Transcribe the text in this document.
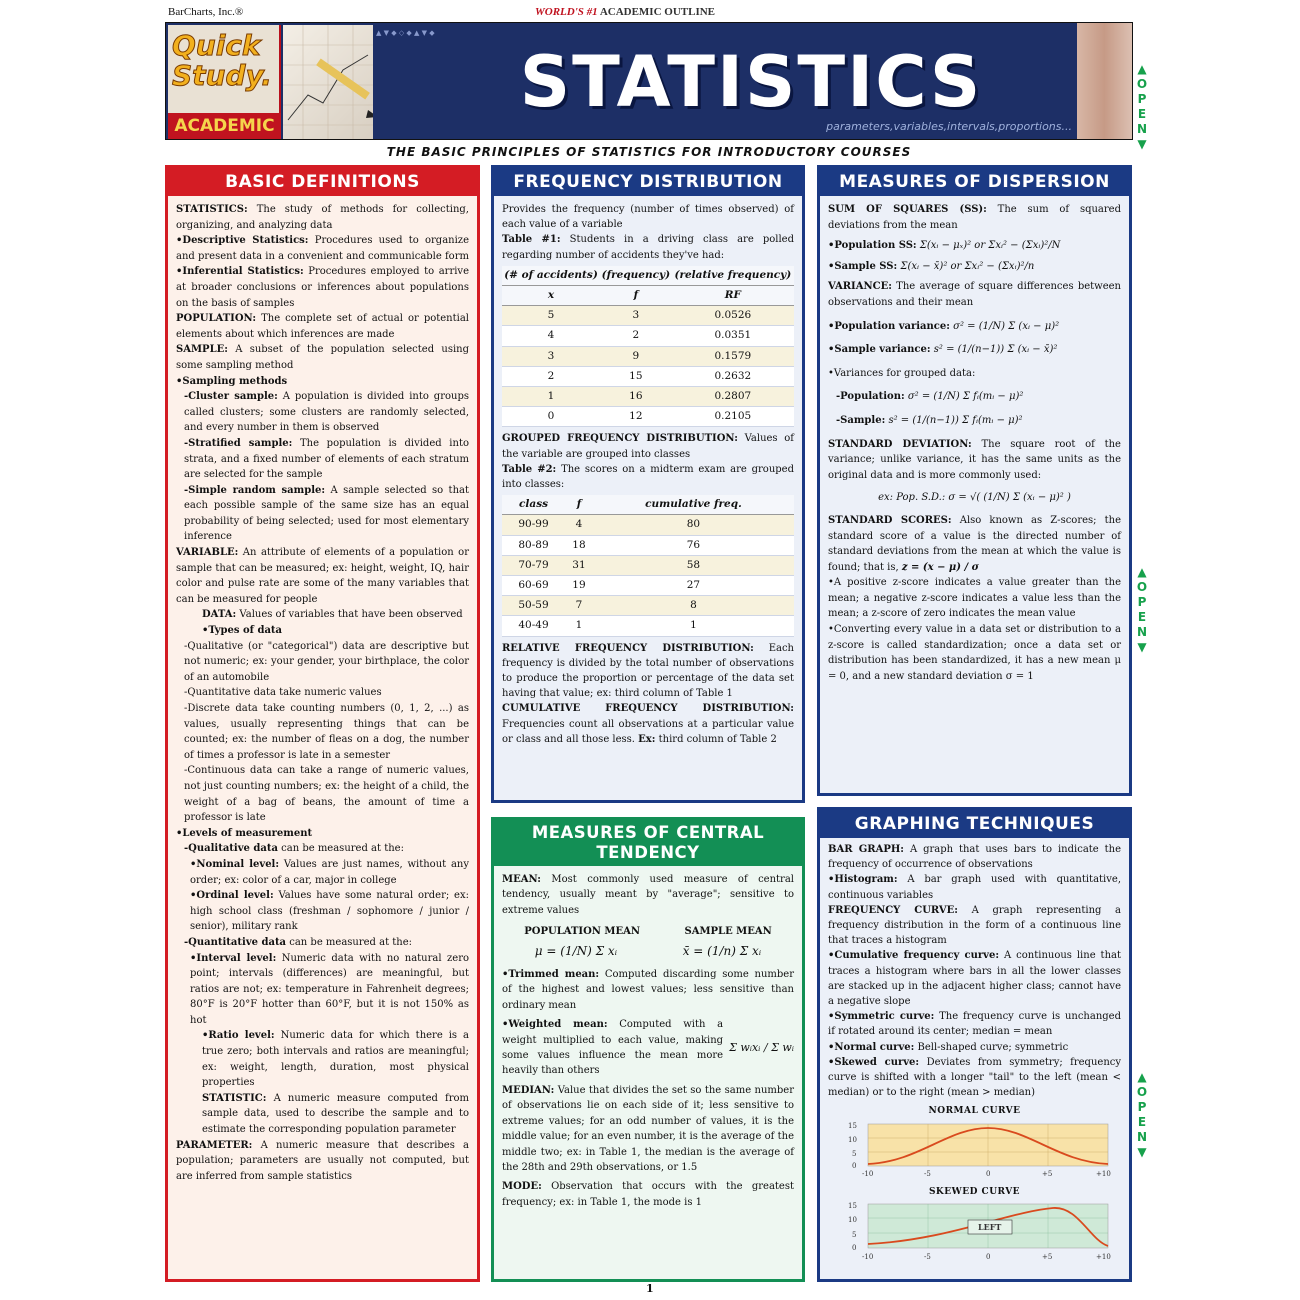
BarCharts, Inc.®	WORLD'S #1 ACADEMIC OUTLINE
Quick
Study.
ACADEMIC
▲ ▼ ◆ ◇ ◆ ▲ ▼ ◆
STATISTICS
parameters,variables,intervals,proportions...
THE BASIC PRINCIPLES OF STATISTICS FOR INTRODUCTORY COURSES
▲
O
P
E
N
▼
▲
O
P
E
N
▼
▲
O
P
E
N
▼
BASIC DEFINITIONS
STATISTICS: The study of methods for collecting, organizing, and analyzing data
•Descriptive Statistics: Procedures used to organize and present data in a convenient and communicable form
•Inferential Statistics: Procedures employed to arrive at broader conclusions or inferences about populations on the basis of samples
POPULATION: The complete set of actual or potential elements about which inferences are made
SAMPLE: A subset of the population selected using some sampling method
•Sampling methods
-Cluster sample: A population is divided into groups called clusters; some clusters are randomly selected, and every number in them is observed
-Stratified sample: The population is divided into strata, and a fixed number of elements of each stratum are selected for the sample
-Simple random sample: A sample selected so that each possible sample of the same size has an equal probability of being selected; used for most elementary inference
VARIABLE: An attribute of elements of a population or sample that can be measured; ex: height, weight, IQ, hair color and pulse rate are some of the many variables that can be measured for people
DATA: Values of variables that have been observed
•Types of data
-Qualitative (or "categorical") data are descriptive but not numeric; ex: your gender, your birthplace, the color of an automobile
-Quantitative data take numeric values
-Discrete data take counting numbers (0, 1, 2, ...) as values, usually representing things that can be counted; ex: the number of fleas on a dog, the number of times a professor is late in a semester
-Continuous data can take a range of numeric values, not just counting numbers; ex: the height of a child, the weight of a bag of beans, the amount of time a professor is late
•Levels of measurement
-Qualitative data can be measured at the:
•Nominal level: Values are just names, without any order; ex: color of a car, major in college
•Ordinal level: Values have some natural order; ex: high school class (freshman / sophomore / junior / senior), military rank
-Quantitative data can be measured at the:
•Interval level: Numeric data with no natural zero point; intervals (differences) are meaningful, but ratios are not; ex: temperature in Fahrenheit degrees; 80°F is 20°F hotter than 60°F, but it is not 150% as hot
•Ratio level: Numeric data for which there is a true zero; both intervals and ratios are meaningful; ex: weight, length, duration, most physical properties
STATISTIC: A numeric measure computed from sample data, used to describe the sample and to estimate the corresponding population parameter
PARAMETER: A numeric measure that describes a population; parameters are usually not computed, but are inferred from sample statistics
FREQUENCY DISTRIBUTION
Provides the frequency (number of times observed) of each value of a variable
Table #1: Students in a driving class are polled regarding number of accidents they've had:
(# of accidents)	(frequency)	(relative frequency)
x	f	RF
5	3	0.0526
4	2	0.0351
3	9	0.1579
2	15	0.2632
1	16	0.2807
0	12	0.2105
GROUPED FREQUENCY DISTRIBUTION: Values of the variable are grouped into classes
Table #2: The scores on a midterm exam are grouped into classes:
class	f	cumulative freq.
90-99	4	80
80-89	18	76
70-79	31	58
60-69	19	27
50-59	7	8
40-49	1	1
RELATIVE FREQUENCY DISTRIBUTION: Each frequency is divided by the total number of observations to produce the proportion or percentage of the data set having that value; ex: third column of Table 1
CUMULATIVE FREQUENCY DISTRIBUTION: Frequencies count all observations at a particular value or class and all those less. Ex: third column of Table 2
MEASURES OF CENTRAL
TENDENCY
MEAN: Most commonly used measure of central tendency, usually meant by "average"; sensitive to extreme values
POPULATION MEAN	SAMPLE MEAN
μ = (1/N) Σ xᵢ	x̄ = (1/n) Σ xᵢ
•Trimmed mean: Computed discarding some number of the highest and lowest values; less sensitive than ordinary mean
•Weighted mean: Computed with a weight multiplied to each value, making some values influence the mean more heavily than others
Σ wᵢxᵢ / Σ wᵢ
MEDIAN: Value that divides the set so the same number of observations lie on each side of it; less sensitive to extreme values; for an odd number of values, it is the middle value; for an even number, it is the average of the middle two; ex: in Table 1, the median is the average of the 28th and 29th observations, or 1.5
MODE: Observation that occurs with the greatest frequency; ex: in Table 1, the mode is 1
MEASURES OF DISPERSION
SUM OF SQUARES (SS): The sum of squared deviations from the mean
•Population SS: Σ(xᵢ − μₓ)² or Σxᵢ² − (Σxᵢ)²/N
•Sample SS: Σ(xᵢ − x̄)² or Σxᵢ² − (Σxᵢ)²/n
VARIANCE: The average of square differences between observations and their mean
•Population variance: σ² = (1/N) Σ (xᵢ − μ)²
•Sample variance: s² = (1/(n−1)) Σ (xᵢ − x̄)²
•Variances for grouped data:
-Population: σ² = (1/N) Σ fᵢ(mᵢ − μ)²
-Sample: s² = (1/(n−1)) Σ fᵢ(mᵢ − μ)²
STANDARD DEVIATION: The square root of the variance; unlike variance, it has the same units as the original data and is more commonly used:
ex: Pop. S.D.: σ = √( (1/N) Σ (xᵢ − μ)² )
STANDARD SCORES: Also known as Z-scores; the standard score of a value is the directed number of standard deviations from the mean at which the value is found; that is, z = (x − μ) / σ
•A positive z-score indicates a value greater than the mean; a negative z-score indicates a value less than the mean; a z-score of zero indicates the mean value
•Converting every value in a data set or distribution to a z-score is called standardization; once a data set or distribution has been standardized, it has a new mean μ = 0, and a new standard deviation σ = 1
GRAPHING TECHNIQUES
BAR GRAPH: A graph that uses bars to indicate the frequency of occurrence of observations
•Histogram: A bar graph used with quantitative, continuous variables
FREQUENCY CURVE: A graph representing a frequency distribution in the form of a continuous line that traces a histogram
•Cumulative frequency curve: A continuous line that traces a histogram where bars in all the lower classes are stacked up in the adjacent higher class; cannot have a negative slope
•Symmetric curve: The frequency curve is unchanged if rotated around its center; median = mean
•Normal curve: Bell-shaped curve; symmetric
•Skewed curve: Deviates from symmetry; frequency curve is shifted with a longer "tail" to the left (mean < median) or to the right (mean > median)
NORMAL CURVE
15
10
5
0
-10	-5	0	+5	+10
SKEWED CURVE
LEFT
15
10
5
0
-10	-5	0	+5	+10
1
